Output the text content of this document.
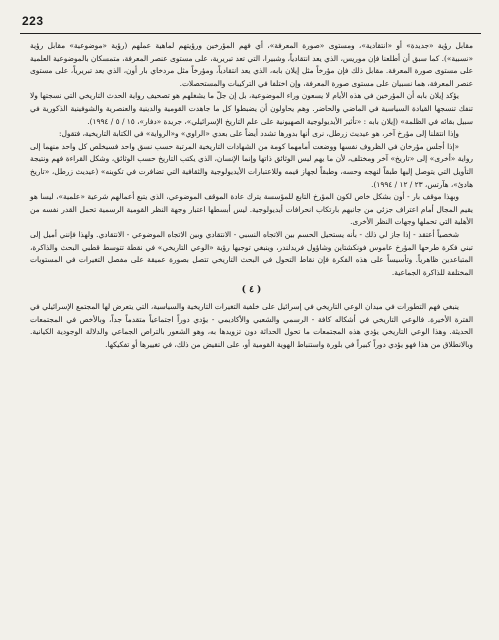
223

مقابل رؤية «جديدة» أو «انتقادية»، ومستوى «صورة المعرفة»، أي فهم المؤرخين ورؤيتهم لماهية عملهم (رؤية «موضوعية» مقابل رؤية «نسبية»). كما سبق أن أطلعنا فإن موريس، الذي يعد انتقادياً، وشبيرا، التي تعد تبريرية، على مستوى عنصر المعرفة، متمسكان بالموضوعية العلمية على مستوى صورة المعرفة. مقابل ذلك فإن مؤرخاً مثل إيلان بابه، الذي يعد انتقادياً، ومؤرخاً مثل مردخاي بار أون، الذي يعد تبريرياً، على مستوى عنصر المعرفة، هما نسبيان على مستوى صورة المعرفة، وإن اختلفا في التركيبات والمستحصلات.

يؤكد إيلان بابه أن المؤرخين في هذه الأيام لا يسعون وراء الموضوعية، بل إن جلّ ما يشغلهم هو تصحيف رواية الحدث التاريخي التي نسجتها ولا تنفك تنسجها القيادة السياسية في الماضي والحاضر. وهم يحاولون أن يضبطوا كل ما جاهدت القومية والدينية والعنصرية والشوفينية الذكورية في سبيل بقائه في الظلمة» (إيلان بابه : «تأثير الأيديولوجية الصهيونية على علم التاريخ الإسرائيلي»، جريدة «دفار»، ١٥ / ٥ / ١٩٩٤).

وإذا انتقلنا إلى مؤرخ آخر، هو عيديث زرطل، نرى أنها بدورها تشدد أيضاً على بعدي «الراوي» و«الرواية» في الكتابة التاريخية، فتقول:

«إذا أجلس مؤرخان في الظروف نفسها ووضعت أمامهما كومة من الشهادات التاريخية المرتبة حسب نسق واحد فسيخلص كل واحد منهما إلى رواية «أخرى» إلى «تاريخ» آخر ومختلف، لأن ما يهم ليس الوثائق ذاتها وإنما الإنسان، الذي يكتب التاريخ حسب الوثائق، وشكل القراءة فهم ونتيجة التأويل التي يتوصل إليها طبقاً لنهجه وحسه، وطبقاً لجهاز قيمه وللاعتبارات الأيديولوجية والثقافية التي تضافرت في تكوينه» (عيديث زرطل، «تاريخ هادئ»، هآرتس، ٢٣ / ١٢ / ١٩٩٤).

وبهذا موقف بار - أون بشكل خاص لكون المؤرخ التابع للمؤسسة يترك عادة الموقف الموضوعي، الذي يتبع أعمالهم شرعية «علمية»، ليسا هو يقيم المجال أمام اعتراف جزئي من جانبهم بارتكاب انحرافات أيديولوجية. ليس أبسطها اعتبار وجهة النظر القومية الرسمية تحمل القدر نفسه من الأهلية التي تحملها وجهات النظر الأخرى.

شخصياً أعتقد - إذا جاز لي ذلك - بأنه يستحيل الحسم بين الاتجاه النسبي - الانتقادي وبين الاتجاه الموضوعي - الانتقادي. ولهذا فإنني أميل إلى تبني فكرة طرحها المؤرخ عاموس فونكشتاين وشاؤول فريدلندر، وينبغي توجيها رؤية «الوعي التاريخي» في نقطة تتوسط قطبي البحث والذاكرة، المتباعدين ظاهرياً. وتأسيساً على هذه الفكرة فإن نقاط التحول في البحث التاريخي تتصل بصورة عميقة على مفصل التغيرات في المستويات المختلفة للذاكرة الجماعية.

( ٤ )

ينبغي فهم التطورات في ميدان الوعي التاريخي في إسرائيل على خلفية التغيرات التاريخية والسياسية، التي يتعرض لها المجتمع الإسرائيلي في الفترة الأخيرة. فالوعي التاريخي في أشكاله كافة - الرسمي والشعبي والأكاديمي - يؤدي دوراً اجتماعياً متقدماً جداً، وبالأخص في المجتمعات الحديثة. وهذا الوعي التاريخي يؤدي هذه المجتمعات ما تحول الحداثة دون تزويدها به، وهو الشعور بالتراص الجماعي والدلالة الوجودية الكيانية. وبالانطلاق من هذا فهو يؤدي دوراً كبيراً في بلورة واستنباط الهوية القومية أو، على النقيض من ذلك، في تغييرها أو تفكيكها.
